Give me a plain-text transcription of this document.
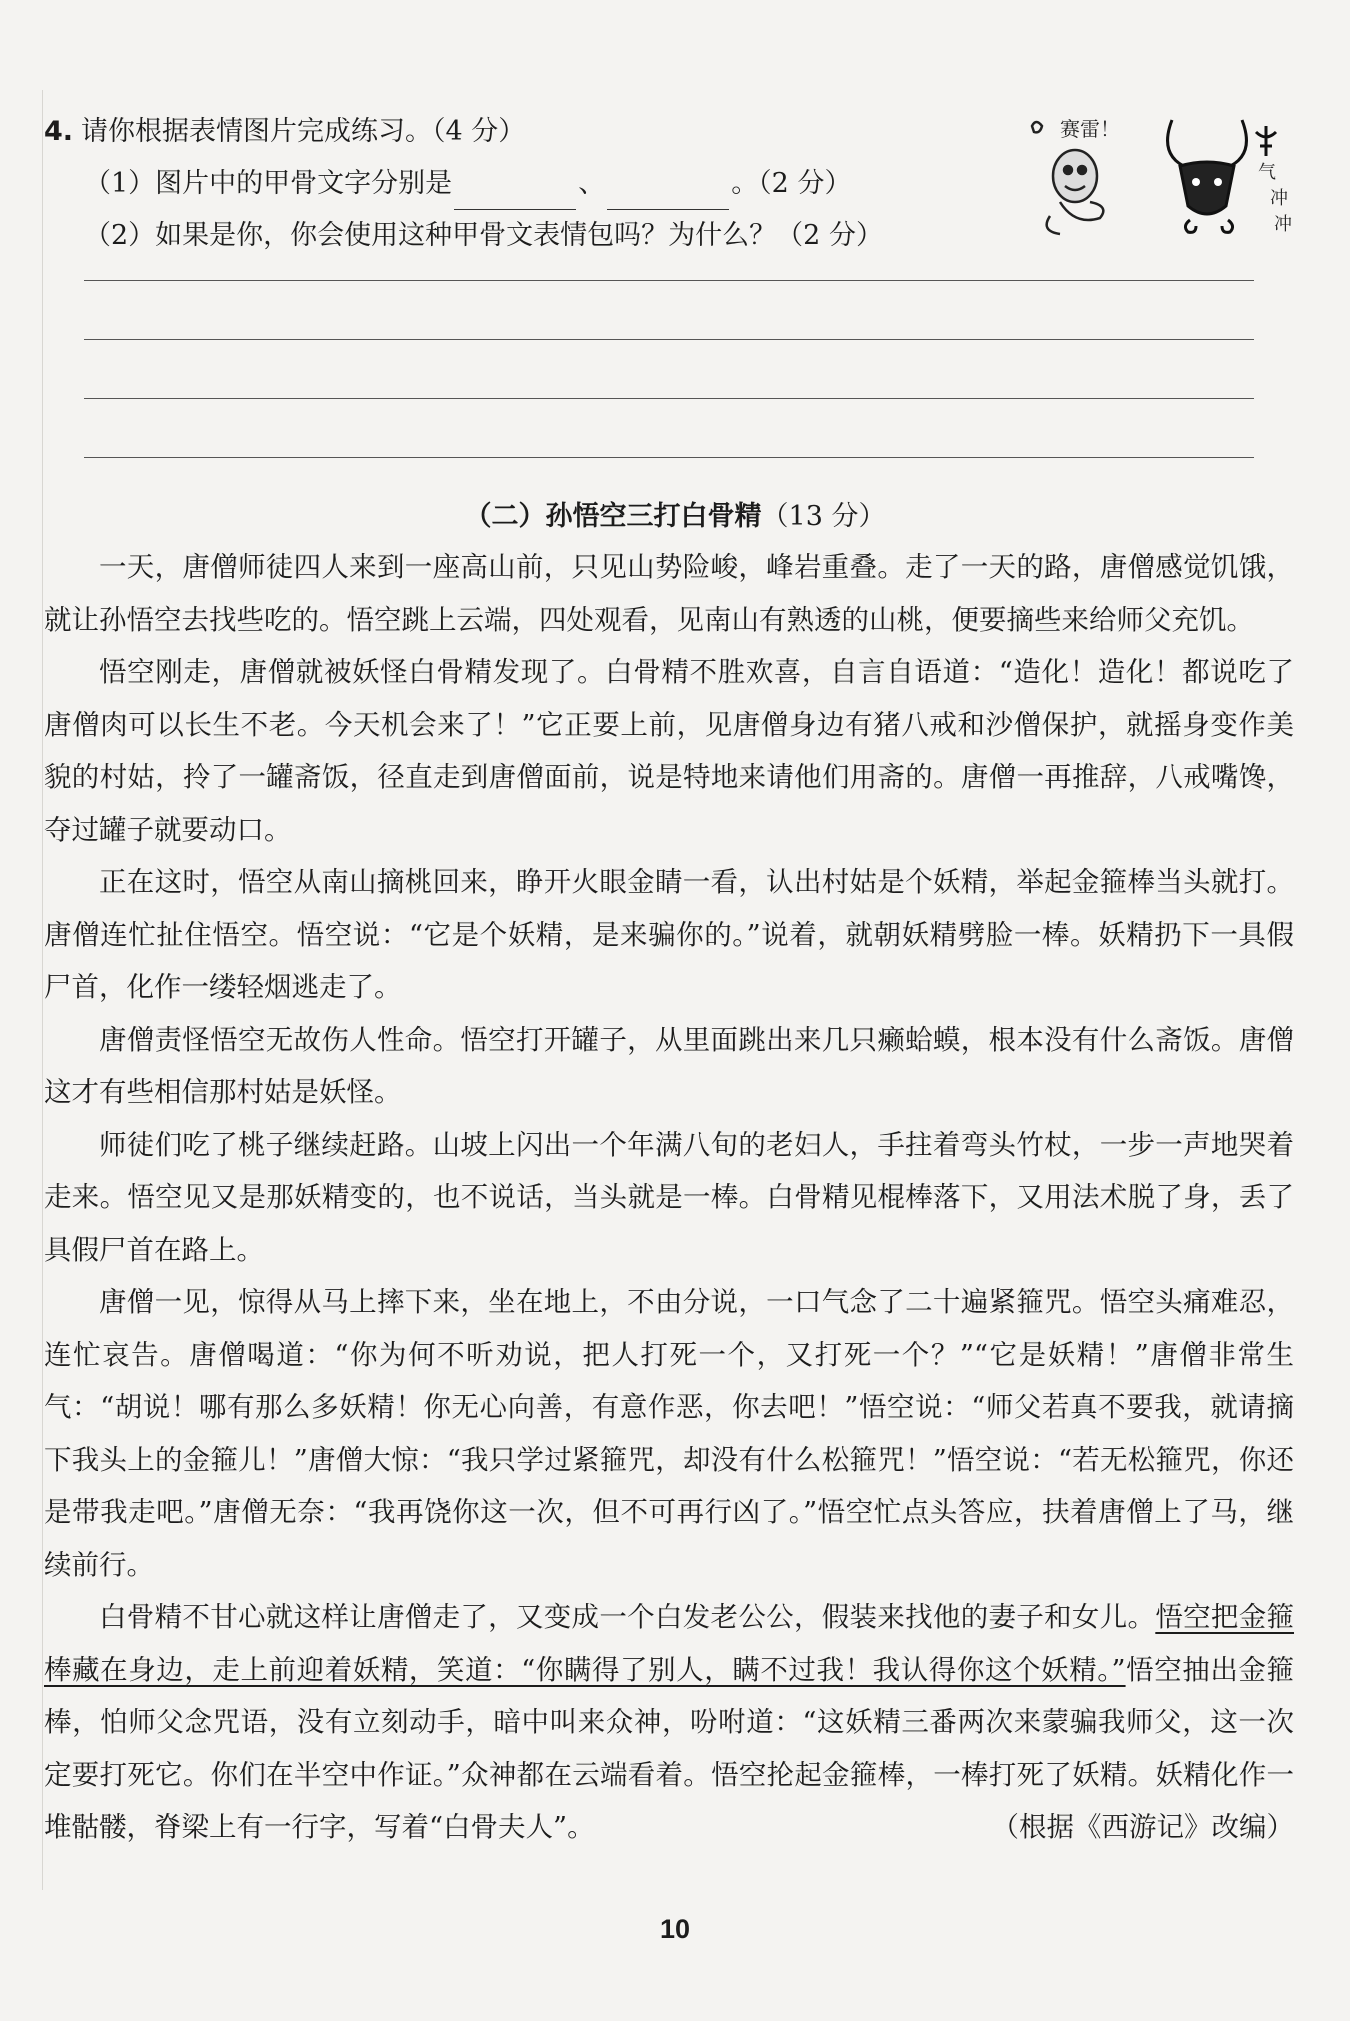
4. 请你根据表情图片完成练习。（4 分）
（1）图片中的甲骨文字分别是	、	。（2 分）
（2）如果是你，你会使用这种甲骨文表情包吗？为什么？（2 分）
赛雷！
气
冲
冲
（二）孙悟空三打白骨精（13 分）

一天，唐僧师徒四人来到一座高山前，只见山势险峻，峰岩重叠。走了一天的路，唐僧感觉饥饿，就让孙悟空去找些吃的。悟空跳上云端，四处观看，见南山有熟透的山桃，便要摘些来给师父充饥。

悟空刚走，唐僧就被妖怪白骨精发现了。白骨精不胜欢喜，自言自语道：“造化！造化！都说吃了唐僧肉可以长生不老。今天机会来了！”它正要上前，见唐僧身边有猪八戒和沙僧保护，就摇身变作美貌的村姑，拎了一罐斋饭，径直走到唐僧面前，说是特地来请他们用斋的。唐僧一再推辞，八戒嘴馋，夺过罐子就要动口。

正在这时，悟空从南山摘桃回来，睁开火眼金睛一看，认出村姑是个妖精，举起金箍棒当头就打。唐僧连忙扯住悟空。悟空说：“它是个妖精，是来骗你的。”说着，就朝妖精劈脸一棒。妖精扔下一具假尸首，化作一缕轻烟逃走了。

唐僧责怪悟空无故伤人性命。悟空打开罐子，从里面跳出来几只癞蛤蟆，根本没有什么斋饭。唐僧这才有些相信那村姑是妖怪。

师徒们吃了桃子继续赶路。山坡上闪出一个年满八旬的老妇人，手拄着弯头竹杖，一步一声地哭着走来。悟空见又是那妖精变的，也不说话，当头就是一棒。白骨精见棍棒落下，又用法术脱了身，丢了具假尸首在路上。

唐僧一见，惊得从马上摔下来，坐在地上，不由分说，一口气念了二十遍紧箍咒。悟空头痛难忍，连忙哀告。唐僧喝道：“你为何不听劝说，把人打死一个，又打死一个？”“它是妖精！”唐僧非常生气：“胡说！哪有那么多妖精！你无心向善，有意作恶，你去吧！”悟空说：“师父若真不要我，就请摘下我头上的金箍儿！”唐僧大惊：“我只学过紧箍咒，却没有什么松箍咒！”悟空说：“若无松箍咒，你还是带我走吧。”唐僧无奈：“我再饶你这一次，但不可再行凶了。”悟空忙点头答应，扶着唐僧上了马，继续前行。

白骨精不甘心就这样让唐僧走了，又变成一个白发老公公，假装来找他的妻子和女儿。悟空把金箍棒藏在身边，走上前迎着妖精，笑道：“你瞒得了别人，瞒不过我！我认得你这个妖精。”悟空抽出金箍棒，怕师父念咒语，没有立刻动手，暗中叫来众神，吩咐道：“这妖精三番两次来蒙骗我师父，这一次定要打死它。你们在半空中作证。”众神都在云端看着。悟空抡起金箍棒，一棒打死了妖精。妖精化作一堆骷髅，脊梁上有一行字，写着“白骨夫人”。	（根据《西游记》改编）

10
